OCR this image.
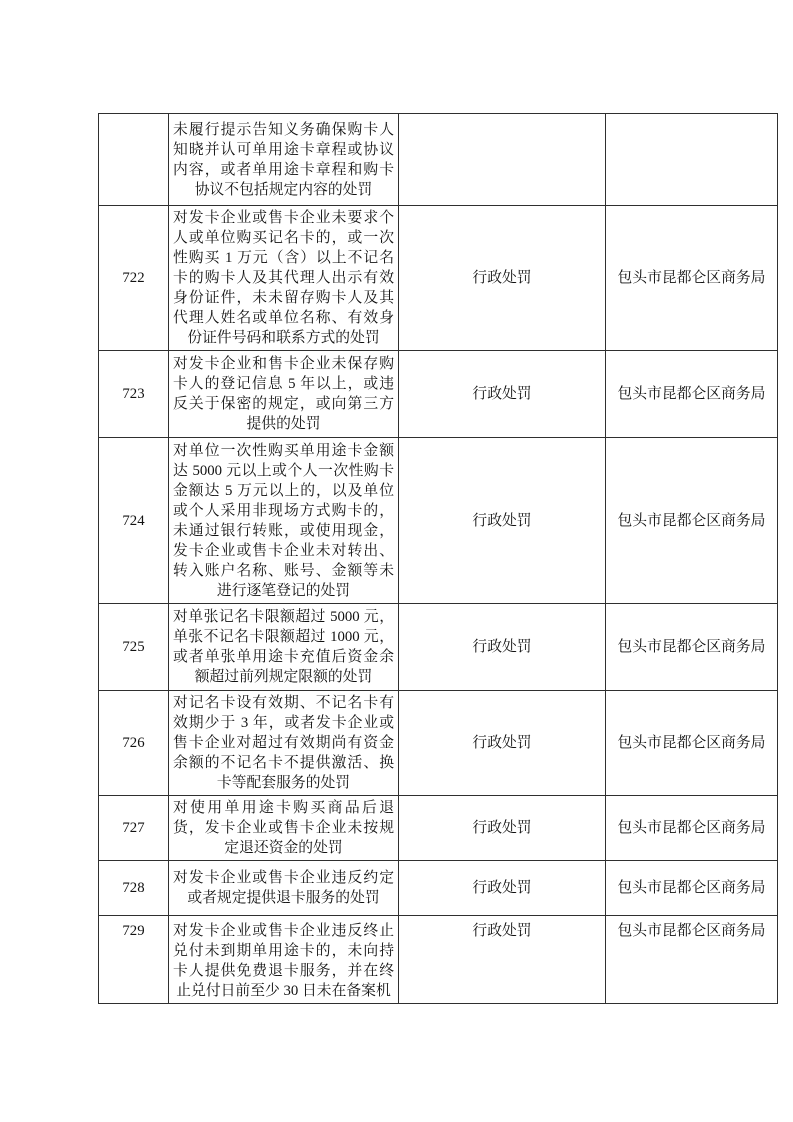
	未履行提示告知义务确保购卡人知晓并认可单用途卡章程或协议内容，或者单用途卡章程和购卡协议不包括规定内容的处罚		
722	对发卡企业或售卡企业未要求个人或单位购买记名卡的，或一次性购买 1 万元（含）以上不记名卡的购卡人及其代理人出示有效身份证件，未未留存购卡人及其代理人姓名或单位名称、有效身份证件号码和联系方式的处罚	行政处罚	包头市昆都仑区商务局
723	对发卡企业和售卡企业未保存购卡人的登记信息 5 年以上，或违反关于保密的规定，或向第三方提供的处罚	行政处罚	包头市昆都仑区商务局
724	对单位一次性购买单用途卡金额达 5000 元以上或个人一次性购卡金额达 5 万元以上的，以及单位或个人采用非现场方式购卡的，未通过银行转账，或使用现金，发卡企业或售卡企业未对转出、转入账户名称、账号、金额等未进行逐笔登记的处罚	行政处罚	包头市昆都仑区商务局
725	对单张记名卡限额超过 5000 元，单张不记名卡限额超过 1000 元，或者单张单用途卡充值后资金余额超过前列规定限额的处罚	行政处罚	包头市昆都仑区商务局
726	对记名卡设有效期、不记名卡有效期少于 3 年，或者发卡企业或售卡企业对超过有效期尚有资金余额的不记名卡不提供激活、换卡等配套服务的处罚	行政处罚	包头市昆都仑区商务局
727	对使用单用途卡购买商品后退货，发卡企业或售卡企业未按规定退还资金的处罚	行政处罚	包头市昆都仑区商务局
728	对发卡企业或售卡企业违反约定或者规定提供退卡服务的处罚	行政处罚	包头市昆都仑区商务局
729	对发卡企业或售卡企业违反终止兑付未到期单用途卡的，未向持卡人提供免费退卡服务，并在终止兑付日前至少 30 日未在备案机	行政处罚	包头市昆都仑区商务局
